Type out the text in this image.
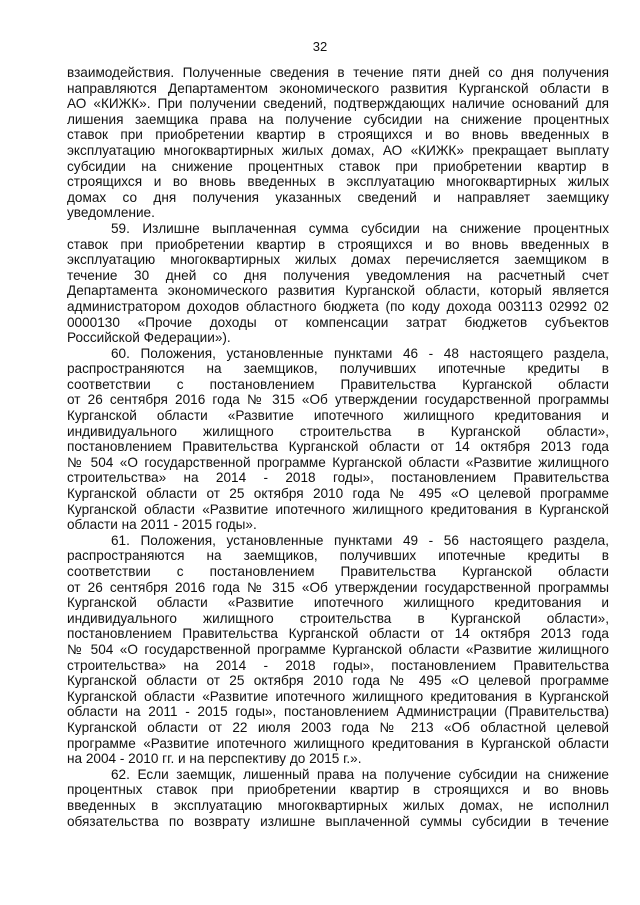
32
взаимодействия. Полученные сведения в течение пяти дней со дня получения
направляются Департаментом экономического развития Курганской области в
АО «КИЖК». При получении сведений, подтверждающих наличие оснований для
лишения заемщика права на получение субсидии на снижение процентных
ставок при приобретении квартир в строящихся и во вновь введенных в
эксплуатацию многоквартирных жилых домах, АО «КИЖК» прекращает выплату
субсидии на снижение процентных ставок при приобретении квартир в
строящихся и во вновь введенных в эксплуатацию многоквартирных жилых
домах со дня получения указанных сведений и направляет заемщику
уведомление.
59. Излишне выплаченная сумма субсидии на снижение процентных
ставок при приобретении квартир в строящихся и во вновь введенных в
эксплуатацию многоквартирных жилых домах перечисляется заемщиком в
течение 30 дней со дня получения уведомления на расчетный счет
Департамента экономического развития Курганской области, который является
администратором доходов областного бюджета (по коду дохода 003113 02992 02
0000130 «Прочие доходы от компенсации затрат бюджетов субъектов
Российской Федерации»).
60. Положения, установленные пунктами 46 - 48 настоящего раздела,
распространяются на заемщиков, получивших ипотечные кредиты в
соответствии с постановлением Правительства Курганской области
от 26 сентября 2016 года № 315 «Об утверждении государственной программы
Курганской области «Развитие ипотечного жилищного кредитования и
индивидуального жилищного строительства в Курганской области»,
постановлением Правительства Курганской области от 14 октября 2013 года
№ 504 «О государственной программе Курганской области «Развитие жилищного
строительства» на 2014 - 2018 годы», постановлением Правительства
Курганской области от 25 октября 2010 года № 495 «О целевой программе
Курганской области «Развитие ипотечного жилищного кредитования в Курганской
области на 2011 - 2015 годы».
61. Положения, установленные пунктами 49 - 56 настоящего раздела,
распространяются на заемщиков, получивших ипотечные кредиты в
соответствии с постановлением Правительства Курганской области
от 26 сентября 2016 года № 315 «Об утверждении государственной программы
Курганской области «Развитие ипотечного жилищного кредитования и
индивидуального жилищного строительства в Курганской области»,
постановлением Правительства Курганской области от 14 октября 2013 года
№ 504 «О государственной программе Курганской области «Развитие жилищного
строительства» на 2014 - 2018 годы», постановлением Правительства
Курганской области от 25 октября 2010 года № 495 «О целевой программе
Курганской области «Развитие ипотечного жилищного кредитования в Курганской
области на 2011 - 2015 годы», постановлением Администрации (Правительства)
Курганской области от 22 июля 2003 года № 213 «Об областной целевой
программе «Развитие ипотечного жилищного кредитования в Курганской области
на 2004 - 2010 гг. и на перспективу до 2015 г.».
62. Если заемщик, лишенный права на получение субсидии на снижение
процентных ставок при приобретении квартир в строящихся и во вновь
введенных в эксплуатацию многоквартирных жилых домах, не исполнил
обязательства по возврату излишне выплаченной суммы субсидии в течение
